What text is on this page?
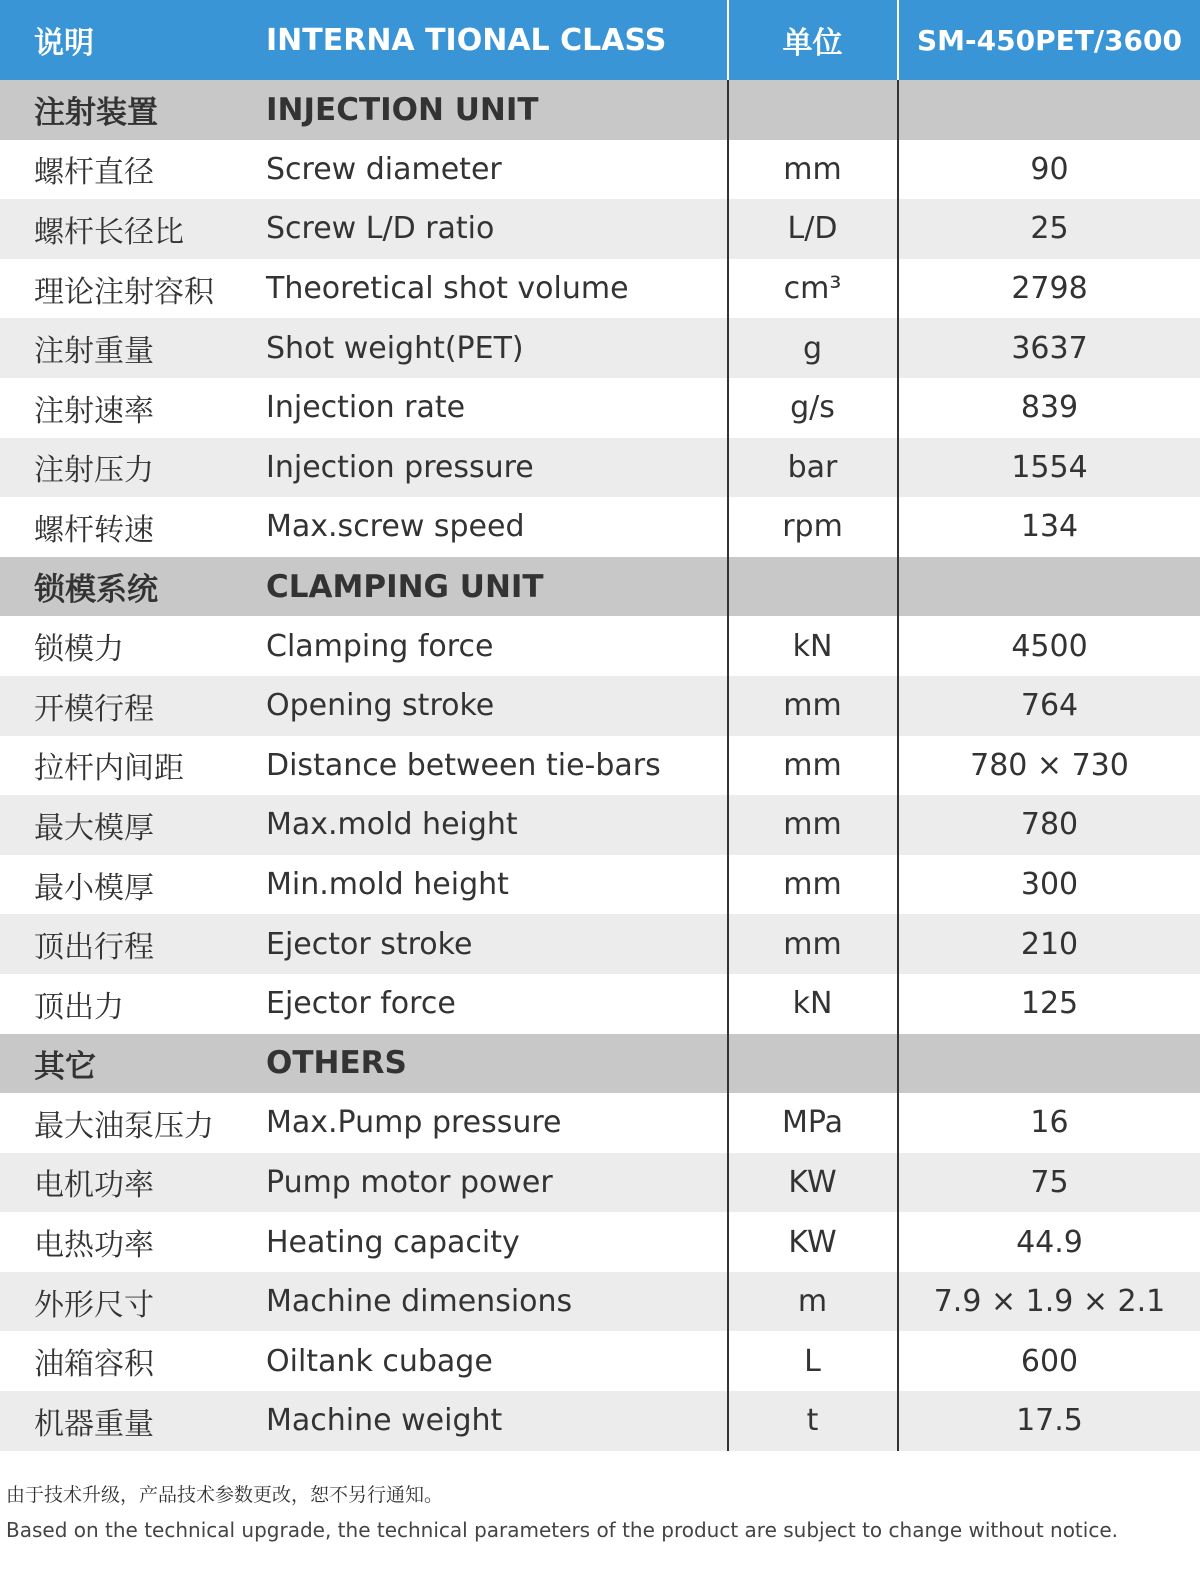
说明	INTERNA TIONAL CLASS	单位	SM-450PET/3600
注射装置	INJECTION UNIT
螺杆直径	Screw diameter	mm	90
螺杆长径比	Screw L/D ratio	L/D	25
理论注射容积	Theoretical shot volume	cm³	2798
注射重量	Shot weight(PET)	g	3637
注射速率	Injection rate	g/s	839
注射压力	Injection pressure	bar	1554
螺杆转速	Max.screw speed	rpm	134
锁模系统	CLAMPING UNIT
锁模力	Clamping force	kN	4500
开模行程	Opening stroke	mm	764
拉杆内间距	Distance between tie-bars	mm	780 × 730
最大模厚	Max.mold height	mm	780
最小模厚	Min.mold height	mm	300
顶出行程	Ejector stroke	mm	210
顶出力	Ejector force	kN	125
其它	OTHERS
最大油泵压力	Max.Pump pressure	MPa	16
电机功率	Pump motor power	KW	75
电热功率	Heating capacity	KW	44.9
外形尺寸	Machine dimensions	m	7.9 × 1.9 × 2.1
油箱容积	Oiltank cubage	L	600
机器重量	Machine weight	t	17.5
由于技术升级，产品技术参数更改，恕不另行通知。
Based on the technical upgrade, the technical parameters of the product are subject to change without notice.
